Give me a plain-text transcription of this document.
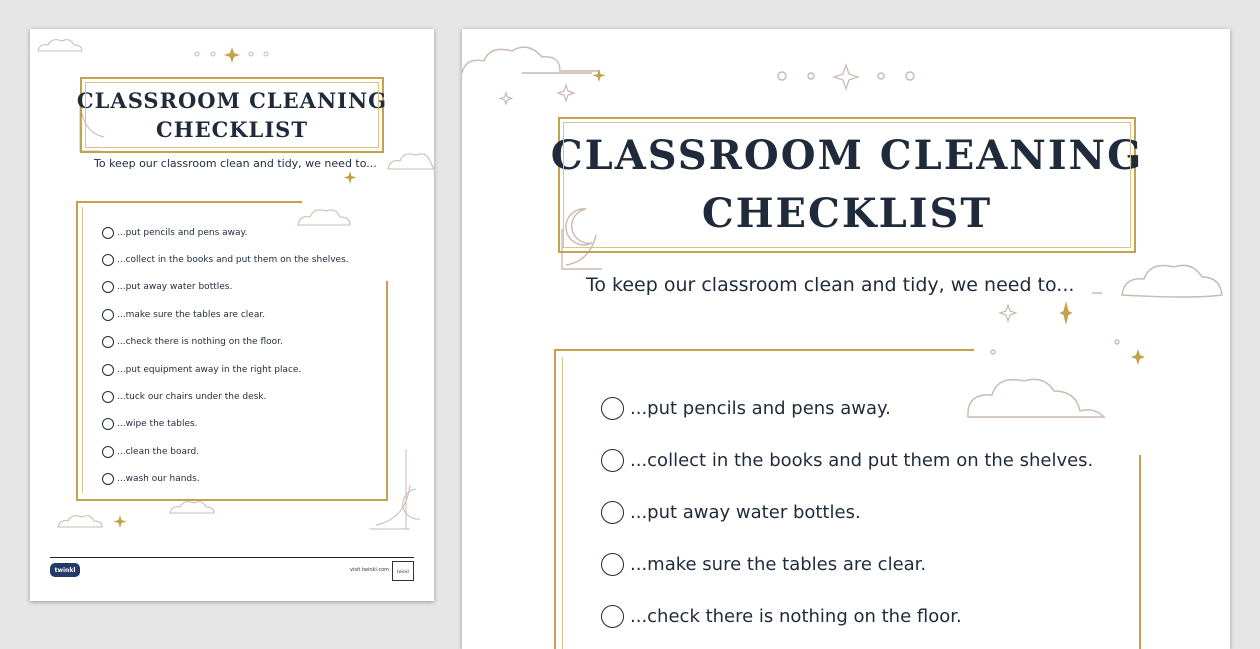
CLASSROOM CLEANING
CHECKLIST
To keep our classroom clean and tidy, we need to...
...put pencils and pens away.
...collect in the books and put them on the shelves.
...put away water bottles.
...make sure the tables are clear.
...check there is nothing on the floor.
...put equipment away in the right place.
...tuck our chairs under the desk.
...wipe the tables.
...clean the board.
...wash our hands.
twinkl	visit twinkl.com	twinkl
CLASSROOM CLEANING
CHECKLIST
To keep our classroom clean and tidy, we need to...
...put pencils and pens away.
...collect in the books and put them on the shelves.
...put away water bottles.
...make sure the tables are clear.
...check there is nothing on the floor.
